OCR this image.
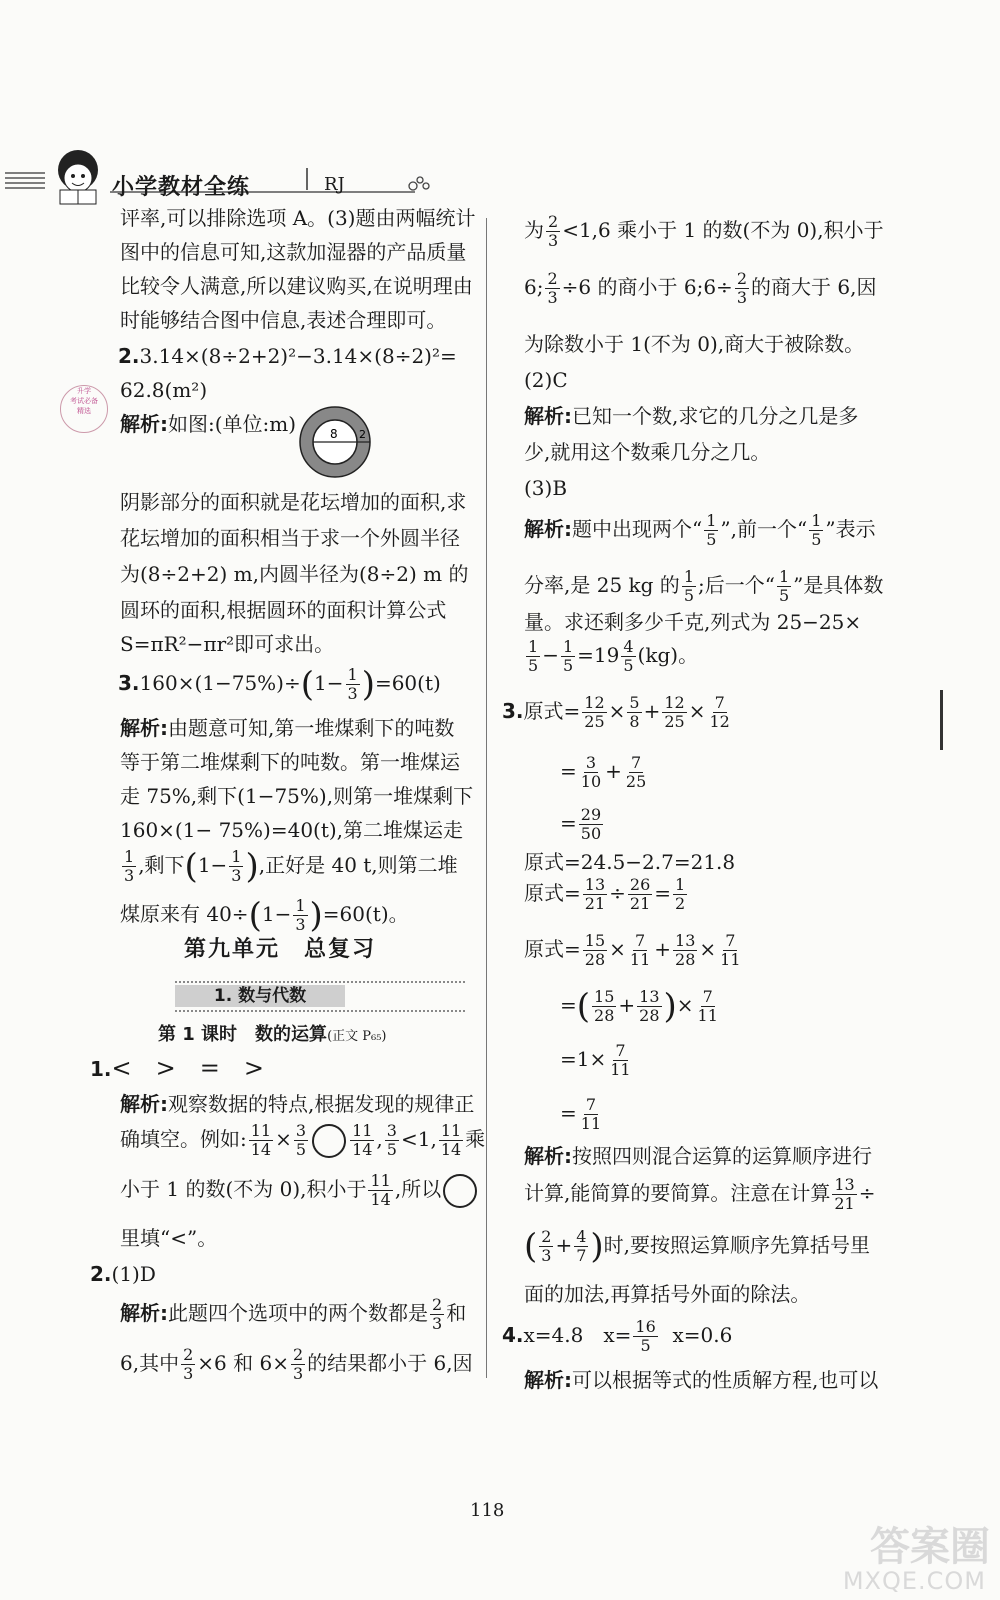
小学教材全练	RJ
评率,可以排除选项 A。(3)题由两幅统计
图中的信息可知,这款加湿器的产品质量
比较令人满意,所以建议购买,在说明理由
时能够结合图中信息,表述合理即可。
2.3.14×(8÷2+2)²−3.14×(8÷2)²=
62.8(m²)
升学
考试必备
精选
解析:如图:(单位:m)	8 2
阴影部分的面积就是花坛增加的面积,求
花坛增加的面积相当于求一个外圆半径
为(8÷2+2) m,内圆半径为(8÷2) m 的
圆环的面积,根据圆环的面积计算公式
S=πR²−πr²即可求出。
$3.160\times(1-75\%)\div(1- \frac{1}{3} )=60(t)$
解析:由题意可知,第一堆煤剩下的吨数
等于第二堆煤剩下的吨数。第一堆煤运
走 75%,剩下(1−75%),则第一堆煤剩下
160×(1− 75%)=40(t),第二堆煤运走
$\frac{1}{3}$ ,剩下($1- \frac{1}{3}$ ),正好是 40 t,则第二堆
煤原来有 $40\div(1- \frac{1}{3} )=60(t)$。
第九单元　总复习
1. 数与代数
第 1 课时　数的运算(正文 P₆₅)
1.<　>　=　>
解析:观察数据的特点,根据发现的规律正
确填空。例如: $\frac{11}{14} \times \frac{3}{5}$	$\frac{11}{14}$ , $\frac{3}{5} <1$, $\frac{11}{14}$ 乘
小于 1 的数(不为 0),积小于 $\frac{11}{14}$ ,所以
里填“<”。
2.(1)D
解析:此题四个选项中的两个数都是 $\frac{2}{3}$ 和
6,其中 $\frac{2}{3} \times 6$ 和 $6\times \frac{2}{3}$ 的结果都小于 6,因
为 $\frac{2}{3} <1,6$ 乘小于 1 的数(不为 0),积小于
6; $\frac{2}{3} \div 6$ 的商小于 6;6÷ $\frac{2}{3}$ 的商大于 6,因
为除数小于 1(不为 0),商大于被除数。
(2)C
解析:已知一个数,求它的几分之几是多
少,就用这个数乘几分之几。
(3)B
解析:题中出现两个“ $\frac{1}{5}$ ”,前一个“ $\frac{1}{5}$ ”表示
分率,是 25 kg 的 $\frac{1}{5}$ ;后一个“ $\frac{1}{5}$ ”是具体数
量。求还剩多少千克,列式为 25−25×
$\frac{1}{5} - \frac{1}{5} =19 \frac{4}{5} (kg)$。
3.原式= $\frac{12}{25} \times \frac{5}{8} + \frac{12}{25} \times \frac{7}{12}$
= $\frac{3}{10} + \frac{7}{25}$
= $\frac{29}{50}$
原式=24.5−2.7=21.8
原式= $\frac{13}{21} \div \frac{26}{21} = \frac{1}{2}$
原式= $\frac{15}{28} \times \frac{7}{11} + \frac{13}{28} \times \frac{7}{11}$
=( $\frac{15}{28} + \frac{13}{28}$ )× $\frac{7}{11}$
$=1\times \frac{7}{11}$
= $\frac{7}{11}$
解析:按照四则混合运算的运算顺序进行
计算,能简算的要简算。注意在计算 $\frac{13}{21}$ ÷
( $\frac{2}{3} + \frac{4}{7}$ )时,要按照运算顺序先算括号里
面的加法,再算括号外面的除法。
4.x=4.8　$x= \frac{16}{5} x=0.6$
解析:可以根据等式的性质解方程,也可以
118
答案圈
MXQE.COM
